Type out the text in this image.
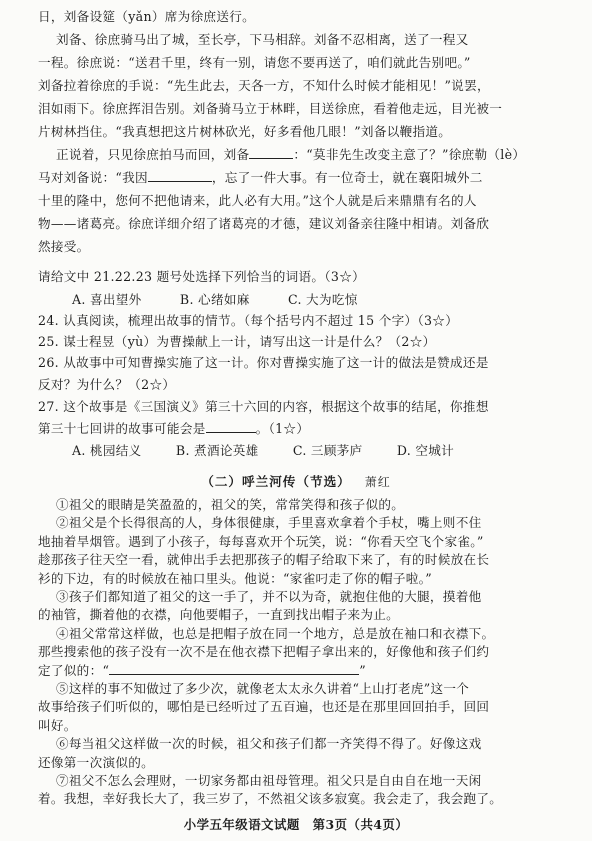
日，刘备设筵（yǎn）席为徐庶送行。
刘备、徐庶骑马出了城，至长亭，下马相辞。刘备不忍相离，送了一程又
一程。徐庶说：“送君千里，终有一别，请您不要再送了，咱们就此告别吧。”
刘备拉着徐庶的手说：“先生此去，天各一方，不知什么时候才能相见！”说罢，
泪如雨下。徐庶挥泪告别。刘备骑马立于林畔，目送徐庶，看着他走远，目光被一
片树林挡住。“我真想把这片树林砍光，好多看他几眼！”刘备以鞭指道。
正说着，只见徐庶拍马而回，刘备	：“莫非先生改变主意了？”徐庶勒（lè）
马对刘备说：“我因	，忘了一件大事。有一位奇士，就在襄阳城外二
十里的隆中，您何不把他请来，此人必有大用。”这个人就是后来鼎鼎有名的人
物——诸葛亮。徐庶详细介绍了诸葛亮的才德，建议刘备亲往隆中相请。刘备欣
然接受。
请给文中 21.22.23 题号处选择下列恰当的词语。（3☆）
A. 喜出望外	B. 心绪如麻	C. 大为吃惊
24. 认真阅读，梳理出故事的情节。（每个括号内不超过 15 个字）（3☆）
25. 谋士程昱（yù）为曹操献上一计，请写出这一计是什么？（2☆）
26. 从故事中可知曹操实施了这一计。你对曹操实施了这一计的做法是赞成还是
反对？为什么？（2☆）
27. 这个故事是《三国演义》第三十六回的内容，根据这个故事的结尾，你推想
第三十七回讲的故事可能会是	。（1☆）
A. 桃园结义	B. 煮酒论英雄	C. 三顾茅庐	D. 空城计
（二）呼兰河传（节选） 萧红
小学五年级语文试题　第3页（共4页）
①祖父的眼睛是笑盈盈的，祖父的笑，常常笑得和孩子似的。
②祖父是个长得很高的人，身体很健康，手里喜欢拿着个手杖，嘴上则不住
地抽着旱烟管。遇到了小孩子，每每喜欢开个玩笑，说：“你看天空飞个家雀。”
趁那孩子往天空一看，就伸出手去把那孩子的帽子给取下来了，有的时候放在长
衫的下边，有的时候放在袖口里头。他说：“家雀叼走了你的帽子啦。”
③孩子们都知道了祖父的这一手了，并不以为奇，就抱住他的大腿，摸着他
的袖管，撕着他的衣襟，向他要帽子，一直到找出帽子来为止。
④祖父常常这样做，也总是把帽子放在同一个地方，总是放在袖口和衣襟下。
那些搜索他的孩子没有一次不是在他衣襟下把帽子拿出来的，好像他和孩子们约
定了似的：“	”
⑤这样的事不知做过了多少次，就像老太太永久讲着“上山打老虎”这一个
故事给孩子们听似的，哪怕是已经听过了五百遍，也还是在那里回回拍手，回回
叫好。
⑥每当祖父这样做一次的时候，祖父和孩子们都一齐笑得不得了。好像这戏
还像第一次演似的。
⑦祖父不怎么会理财，一切家务都由祖母管理。祖父只是自由自在地一天闲
着。我想，幸好我长大了，我三岁了，不然祖父该多寂寞。我会走了，我会跑了。
